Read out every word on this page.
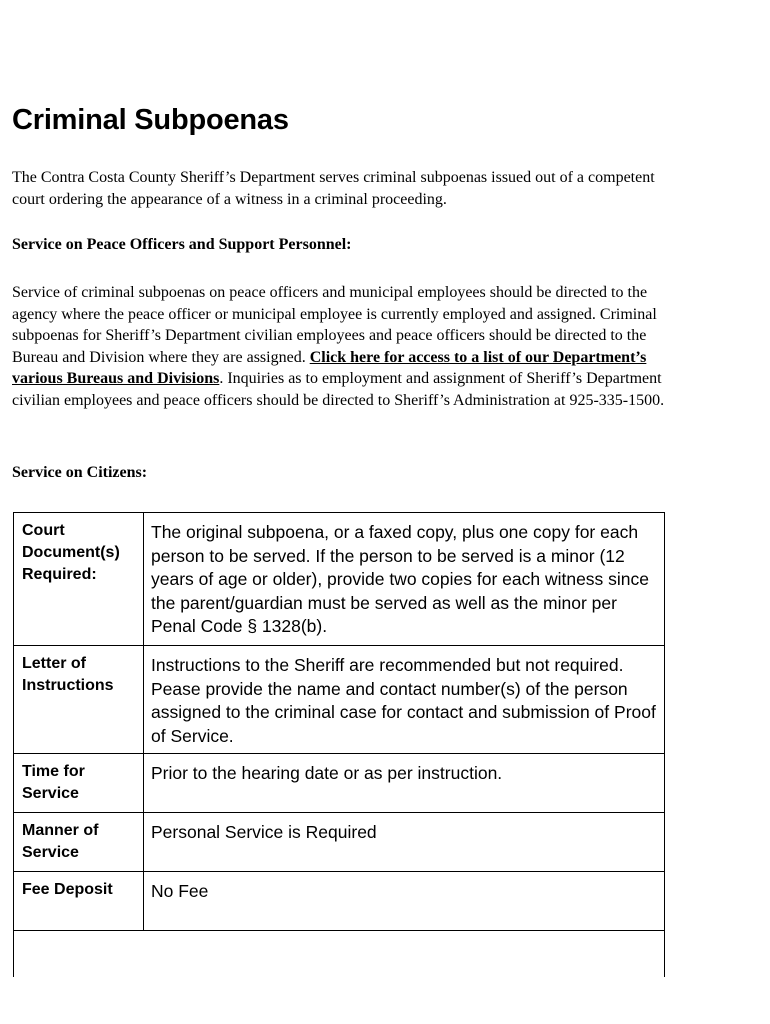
Criminal Subpoenas

The Contra Costa County Sheriff’s Department serves criminal subpoenas issued out of a competent court ordering the appearance of a witness in a criminal proceeding.

Service on Peace Officers and Support Personnel:

Service of criminal subpoenas on peace officers and municipal employees should be directed to the agency where the peace officer or municipal employee is currently employed and assigned. Criminal subpoenas for Sheriff’s Department civilian employees and peace officers should be directed to the Bureau and Division where they are assigned. Click here for access to a list of our Department’s various Bureaus and Divisions. Inquiries as to employment and assignment of Sheriff’s Department civilian employees and peace officers should be directed to Sheriff’s Administration at 925-335-1500.

Service on Citizens:

Court Document(s) Required:	The original subpoena, or a faxed copy, plus one copy for each person to be served. If the person to be served is a minor (12 years of age or older), provide two copies for each witness since the parent/guardian must be served as well as the minor per Penal Code § 1328(b).
Letter of Instructions	Instructions to the Sheriff are recommended but not required. Pease provide the name and contact number(s) of the person assigned to the criminal case for contact and submission of Proof of Service.
Time for Service	Prior to the hearing date or as per instruction.
Manner of Service	Personal Service is Required
Fee Deposit	No Fee
